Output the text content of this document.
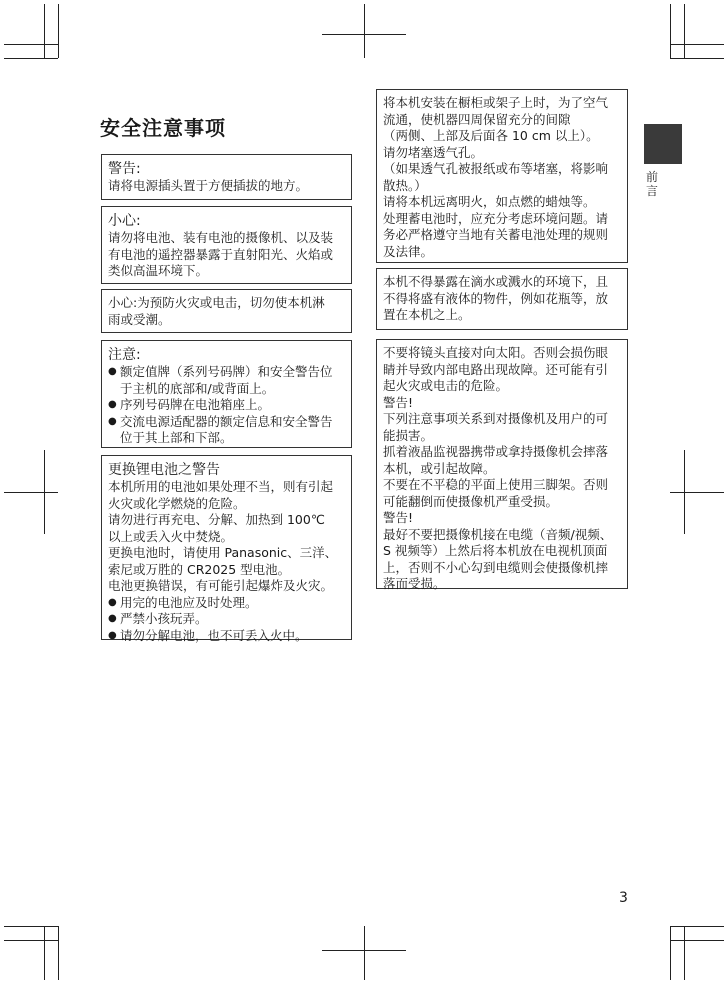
安全注意事项
前言
警告:
请将电源插头置于方便插拔的地方。
小心:
请勿将电池、装有电池的摄像机、以及装
有电池的遥控器暴露于直射阳光、火焰或
类似高温环境下。
小心:为预防火灾或电击，切勿使本机淋
雨或受潮。
注意:
● 额定值牌（系列号码牌）和安全警告位
于主机的底部和/或背面上。
● 序列号码牌在电池箱座上。
● 交流电源适配器的额定信息和安全警告
位于其上部和下部。
更换锂电池之警告
本机所用的电池如果处理不当，则有引起
火灾或化学燃烧的危险。
请勿进行再充电、分解、加热到 100℃
以上或丢入火中焚烧。
更换电池时，请使用 Panasonic、三洋、
索尼或万胜的 CR2025 型电池。
电池更换错误，有可能引起爆炸及火灾。
● 用完的电池应及时处理。
● 严禁小孩玩弄。
● 请勿分解电池，也不可丢入火中。
将本机安装在橱柜或架子上时，为了空气
流通，使机器四周保留充分的间隙
（两侧、上部及后面各 10 cm 以上）。
请勿堵塞透气孔。
（如果透气孔被报纸或布等堵塞，将影响
散热。）
请将本机远离明火，如点燃的蜡烛等。
处理蓄电池时，应充分考虑环境问题。请
务必严格遵守当地有关蓄电池处理的规则
及法律。
本机不得暴露在滴水或溅水的环境下，且
不得将盛有液体的物件，例如花瓶等，放
置在本机之上。
不要将镜头直接对向太阳。否则会损伤眼
睛并导致内部电路出现故障。还可能有引
起火灾或电击的危险。
警告!
下列注意事项关系到对摄像机及用户的可
能损害。
抓着液晶监视器携带或拿持摄像机会摔落
本机，或引起故障。
不要在不平稳的平面上使用三脚架。否则
可能翻倒而使摄像机严重受损。
警告!
最好不要把摄像机接在电缆（音频/视频、
S 视频等）上然后将本机放在电视机顶面
上，否则不小心勾到电缆则会使摄像机摔
落而受损。
3
